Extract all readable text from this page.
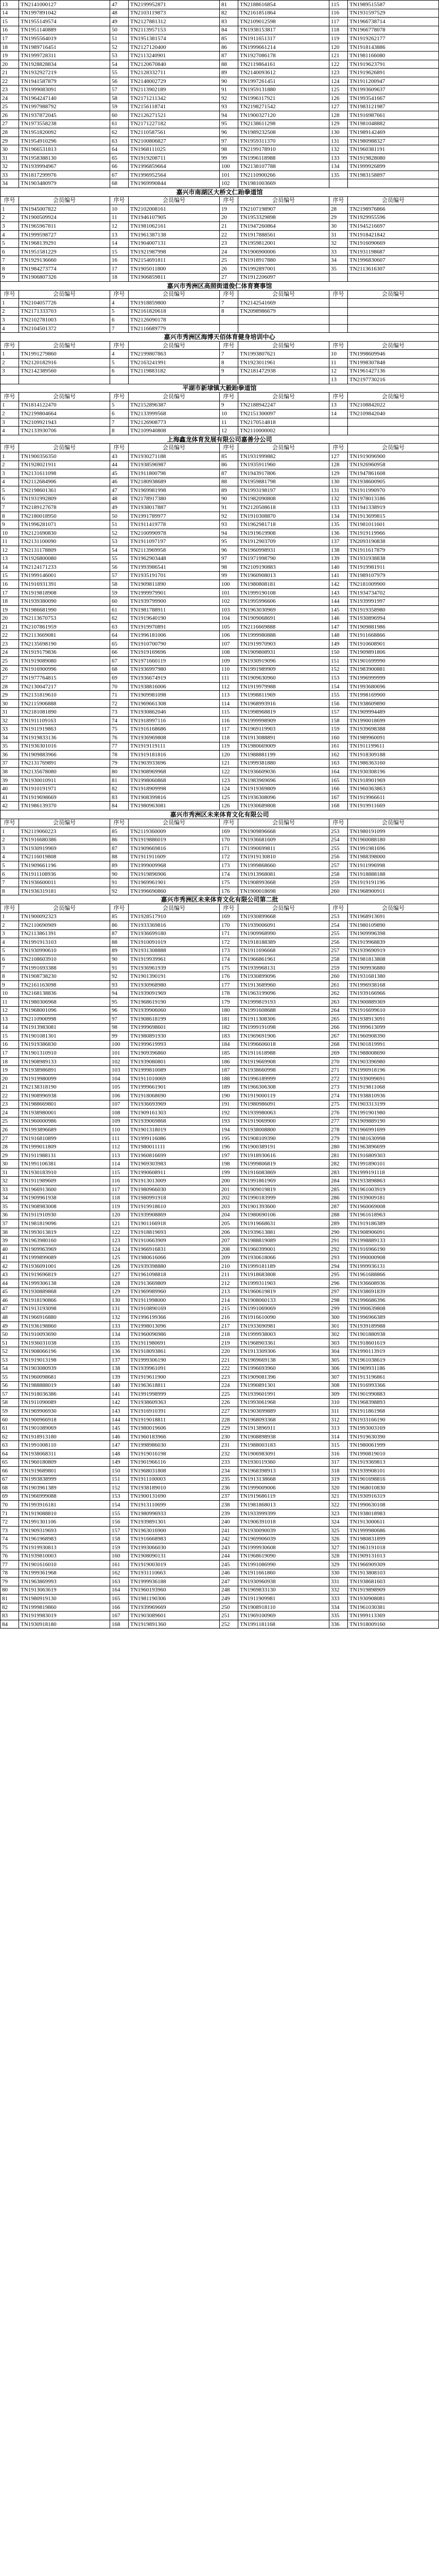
13	TN2141000127	47	TN2199952871	81	TN2188616854	115	TN1989515587
14	TN1997891042	48	TN2103119873	82	TN2161851864	116	TN1931597529
15	TN1955149574	49	TN2127881312	83	TN2109012598	117	TN1966738714
16	TN1951140889	50	TN2113957153	84	TN1938153817	118	TN1966778078
17	TN1995564019	51	TN1951381574	85	TN1911651317	119	TN1919262177
18	TN1989716451	52	TN2127120400	86	TN1999661214	120	TN1918143886
19	TN1999728311	53	TN2113240901	87	TN1927086178	121	TN1981166080
20	TN1928828834	54	TN2120670840	88	TN2119864161	122	TN1919623791
21	TN1932927219	55	TN2128332711	89	TN2140093612	123	TN1919626891
22	TN1941587879	56	TN2148002729	90	TN1997261451	124	TN1911200947
23	TN1999083091	57	TN2113902189	91	TN1959131880	125	TN1993609637
24	TN1964247140	58	TN2171211342	92	TN1996117921	126	TN1993541667
25	TN1997988792	59	TN2156118741	93	TN2198271542	127	TN1983121987
26	TN1937872045	60	TN2126271521	94	TN1900327120	128	TN1916987661
27	TN1973558238	61	TN2171227182	95	TN2138611298	129	TN1981048882
28	TN1951820092	62	TN2110587561	96	TN1989232508	130	TN1989142469
29	TN1954910296	63	TN2100806827	97	TN1959311370	131	TN1980988327
30	TN1966531813	64	TN1968111025	98	TN2199178910	132	TN1960381191
31	TN1958388130	65	TN1919208711	99	TN1996118988	133	TN1919828080
32	TN1939994967	66	TN1996859664	100	TN2138107788	134	TN1999926899
33	TN1817299976	67	TN1996952564	101	TN2110900266	135	TN1983158897
34	TN1903480979	68	TN1969990844	102	TN1981003669		
嘉兴市南湖区大桥文仁跆拳道馆							
序号	会员编号	序号	会员编号	序号	会员编号	序号	会员编号
1	TN1945007822	10	TN2102008161	19	TN2107198907	28	TN2198976866
2	TN1900509924	11	TN1946107905	20	TN1953329898	29	TN1929955596
3	TN1965967811	12	TN1981062161	21	TN1947260864	30	TN1945216697
4	TN1999598727	13	TN1961387138	22	TN1917888561	31	TN1918421842
5	TN1968139291	14	TN1904007131	23	TN1959812001	32	TN1916090669
6	TN1951581229	15	TN1921987998	24	TN1906900006	33	TN1931198687
7	TN1929136660	16	TN2154691811	25	TN1918917880	34	TN1996830607
8	TN1984273774	17	TN1905011800	26	TN1992897001	35	TN2113616307
9	TN1906807326	18	TN1906859811	27	TN1912206097		
嘉兴市秀洲区高照街道俊仁体育赛事馆							
序号	会员编号	序号	会员编号	序号	会员编号	序号	会员编号
1	TN2104057726	4	TN1918859800	7	TN2142541669		
2	TN2171333703	5	TN2161820618	8	TN2098986679		
3	TN2102781003	6	TN2126090178				
4	TN2104501372	7	TN2116689779				
嘉兴市秀洲区海博天佰体育健身培训中心							
序号	会员编号	序号	会员编号	序号	会员编号	序号	会员编号
1	TN1991279860	4	TN2199807863	7	TN1993807621	10	TN1998609946
2	TN2120182916	5	TN2163241991	8	TN1923011961	11	TN1998307848
3	TN2142389560	6	TN2119883182	9	TN2181472938	12	TN1961427136
						13	TN2197730216
平湖市新埭镇大毅跆拳道馆							
序号	会员编号	序号	会员编号	序号	会员编号	序号	会员编号
1	TN1814122470	5	TN2152896387	9	TN2188942247	13	TN2108842022
2	TN2199804664	6	TN2133999568	10	TN2151300097	14	TN2109842040
3	TN2109921943	7	TN2126908773	11	TN2170514818		
4	TN2133930706	8	TN2109940808	12	TN2110000002		
上海鑫龙体育发展有限公司嘉善分公司							
序号	会员编号	序号	会员编号	序号	会员编号	序号	会员编号
1	TN1900356350	43	TN1930271188	85	TN1931999882	127	TN1919096900
2	TN1928021911	44	TN1938596987	86	TN1935911960	128	TN1926960958
3	TN2131611098	45	TN1911800798	87	TN1943917806	129	TN1947861608
4	TN2112684906	46	TN2180938689	88	TN1959881798	130	TN1938600905
5	TN2198601361	47	TN1969981998	89	TN1993198197	131	TN1911990970
6	TN1931992809	48	TN2178917380	90	TN1982090808	132	TN1978013186
7	TN2189127678	49	TN1938017887	91	TN2120508618	133	TN1941338919
8	TN2180018950	50	TN1991789977	92	TN1910308870	134	TN1913699815
9	TN1996281071	51	TN1911419778	93	TN1962981718	135	TN1981011601
10	TN2121690830	52	TN2100990978	94	TN1919619908	136	TN1919119966
11	TN2131100090	53	TN1911097197	95	TN1912903709	137	TN2093190838
12	TN2131178809	54	TN2113969958	96	TN1960998931	138	TN1911617879
13	TN1926800080	55	TN1962903448	97	TN1971998790	139	TN1931938838
14	TN2124171233	56	TN1993986541	98	TN2109190883	140	TN1919981911
15	TN1999146001	57	TN1935191701	99	TN1960908013	141	TN1989107979
16	TN1916931391	58	TN1909811890	100	TN1980808181	142	TN2181009900
17	TN1919818908	59	TN1999979901	101	TN1999190108	143	TN1934734702
18	TN1939380090	60	TN1939799900	102	TN1995996606	144	TN1939991997
19	TN1986681990	61	TN1981788911	103	TN1963030969	145	TN1919358980
20	TN2113670753	62	TN1919640190	104	TN1909068691	146	TN1930896994
21	TN2107861959	63	TN1919970891	105	TN2116669888	147	TN1909881986
22	TN2113669081	64	TN1996181006	106	TN1999980888	148	TN1911668866
23	TN2135698190	65	TN1910700790	107	TN1919970903	149	TN1910608901
24	TN1919179836	66	TN1919169696	108	TN1909808931	150	TN1909891806
25	TN1919089080	67	TN1971660119	109	TN1930919096	151	TN1901699990
26	TN1916900996	68	TN1936997980	110	TN1991989909	152	TN1983900881
27	TN1977764815	69	TN1936674919	111	TN1909630960	153	TN1996999999
28	TN2130047217	70	TN1938816006	112	TN1919979988	154	TN1993680696
29	TN2131819610	71	TN1909981098	113	TN1998811969	155	TN1998169900
30	TN2115906888	72	TN1969661308	114	TN1968993916	156	TN1938609890
31	TN2181081890	73	TN1930862046	115	TN1998968819	157	TN1909994489
32	TN1911109163	74	TN1918997116	116	TN1999998909	158	TN1990018699
33	TN1911919863	75	TN1916168686	117	TN1969119903	159	TN1939698388
34	TN1919833136	76	TN1936969808	118	TN1913088891	160	TN1989960091
35	TN1936301016	77	TN1919119111	119	TN1980669009	161	TN1911199611
36	TN1909883966	78	TN1919181816	120	TN1988881199	162	TN1918309188
37	TN2131769891	79	TN1903933696	121	TN1999381880	163	TN1986363160
38	TN2135678080	80	TN1908969968	122	TN1936609036	164	TN1930308196
39	TN1930010911	81	TN1998060868	123	TN1983969696	165	TN1918901969
40	TN1910191971	82	TN1918909998	124	TN1919369809	166	TN1960363863
41	TN1919698669	83	TN1908399816	125	TN1936308096	167	TN1919966611
42	TN1986139370	84	TN1980963081	126	TN1930689808	168	TN1919911669
嘉兴市秀洲区未来体育文化有限公司							
序号	会员编号	序号	会员编号	序号	会员编号	序号	会员编号
1	TN2119060223	85	TN2119360009	169	TN1909896668	253	TN1980191099
2	TN1916680386	86	TN1919886019	170	TN1936681609	254	TN1960088180
3	TN1930919969	87	TN1909669816	171	TN1990699811	255	TN1991981696
4	TN2116019808	88	TN1911911609	172	TN1919130810	256	TN1988398000
5	TN1909661196	89	TN1999009968	173	TN1999868660	257	TN1911996998
6	TN1911108936	90	TN1919896906	174	TN1913968081	258	TN1918888188
7	TN1936600011	91	TN1969961901	175	TN1908993668	259	TN1919191196
8	TN1936319181	92	TN1996690860	176	TN1900018698	260	TN1968900911
嘉兴市秀洲区未来体育文化有限公司第二批							
序号	会员编号	序号	会员编号	序号	会员编号	序号	会员编号
1	TN1900092323	85	TN1928517910	169	TN1930899668	253	TN1968913691
2	TN2110690909	86	TN1933369816	170	TN1939006091	254	TN1980109890
3	TN2113861391	87	TN1936699180	171	TN1909968990	255	TN1909996398
4	TN1991913103	88	TN1910091019	172	TN1918188389	256	TN1919968839
5	TN1930990610	89	TN1931308888	173	TN1911696668	257	TN1939690919
6	TN2108603910	90	TN1919939961	174	TN1966861961	258	TN1981813808
7	TN1991693388	91	TN1936961939	175	TN1939968131	259	TN1909936880
8	TN1908738230	92	TN1901390191	176	TN1930899096	260	TN1931681380
9	TN2161163098	93	TN1930968980	177	TN1913689960	261	TN1996938168
10	TN2168138836	94	TN1939091969	178	TN1963199096	262	TN1939166966
11	TN1980306968	95	TN1968619190	179	TN1999819193	263	TN1900889369
12	TN1968001096	96	TN1939906060	180	TN1991608688	264	TN1916699610
13	TN2110900998	97	TN1908618199	181	TN1911308306	265	TN1938913091
14	TN1913983081	98	TN1999698601	182	TN1999191098	266	TN1999613099
15	TN1901081301	99	TN1980891930	183	TN1969691906	267	TN1960908390
16	TN1919386830	100	TN1999619993	184	TN1996606018	268	TN1901819991
17	TN1901310910	101	TN1909396860	185	TN1911618988	269	TN1988008690
18	TN1908989133	102	TN1939080801	186	TN1919669908	270	TN1903396980
19	TN1938986891	103	TN1999810089	187	TN1938660998	271	TN1990918196
20	TN1919980099	104	TN1911010069	188	TN1996189999	272	TN1939099691
21	TN2138318190	105	TN1999661901	189	TN1966306308	273	TN1919811068
22	TN1908996938	106	TN1918068690	190	TN1919000119	274	TN1938810936
23	TN1988669801	107	TN1936693969	191	TN1980986091	275	TN1903313199
24	TN1938980001	108	TN1909161303	192	TN1939980063	276	TN1991901980
25	TN1960000986	109	TN1939069868	193	TN1919069900	277	TN1909889190
26	TN1993896689	110	TN1901318019	194	TN1938008800	278	TN1966991699
27	TN1916810899	111	TN1999116086	195	TN1908109390	279	TN1981630998
28	TN1999011809	112	TN1980011111	196	TN1900389191	280	TN1963896699
29	TN1911988131	113	TN1960816699	197	TN1918930616	281	TN1916809303
30	TN1991106381	114	TN1969303983	198	TN1999806819	282	TN1991890101
31	TN1930183910	115	TN1990608911	199	TN1916083869	283	TN1999191118
32	TN1911989609	116	TN1913013009	200	TN1991861969	284	TN1933898863
33	TN1966913600	117	TN1980966030	201	TN1909019819	285	TN1961003919
34	TN1909961938	118	TN1980991918	202	TN1990183999	286	TN1939009181
35	TN1908983008	119	TN1919918610	203	TN1901393600	287	TN1960069008
36	TN1911910930	120	TN1939908869	204	TN1980690106	288	TN1961618963
37	TN1981819096	121	TN1901166918	205	TN1919668631	289	TN1919186389
38	TN1993013819	122	TN1918819693	206	TN1939613881	290	TN1908906091
39	TN1963980160	123	TN1910663909	207	TN1988819089	291	TN1998889133
40	TN1909963969	124	TN1966916831	208	TN1960399001	292	TN1916966190
41	TN1999899089	125	TN1980616066	209	TN1930618066	293	TN1990000908
42	TN1936091001	126	TN1939398880	210	TN1999181189	294	TN1999936131
43	TN1919696819	127	TN1961098818	211	TN1918683808	295	TN1961688866
44	TN1999306138	128	TN1913669809	212	TN1999311903	296	TN1936608936
45	TN1930889868	129	TN1969989960	213	TN1960619819	297	TN1938691839
46	TN1918190866	130	TN1911998000	214	TN1908060133	298	TN1996686396
47	TN1913193098	131	TN1910890169	215	TN1991069069	299	TN1990639808
48	TN1966916880	132	TN1996199366	216	TN1916610090	300	TN1996966389
49	TN1936198860	133	TN1998013096	217	TN1933690981	301	TN1939189988
50	TN1910093690	134	TN1960096986	218	TN1999938003	302	TN1901880938
51	TN1936031038	135	TN1911980691	219	TN1968903361	303	TN1918601619
52	TN1908066196	136	TN1918093861	220	TN1913309306	304	TN1990113919
53	TN1919013198	137	TN1999306190	221	TN1969669138	305	TN1961038619
54	TN1903080939	138	TN1939961091	222	TN1996693960	306	TN1969931186
55	TN1960098681	139	TN1919611900	223	TN1909081396	307	TN1913196861
56	TN1988888019	140	TN1963618811	224	TN1990891301	308	TN1916993366
57	TN1918036386	141	TN1991998999	225	TN1939601991	309	TN1901990883
58	TN1911090089	142	TN1938609363	226	TN1993061968	310	TN1968398893
59	TN1969906930	143	TN1916910391	227	TN1903699889	311	TN1911861968
60	TN1900966918	144	TN1919018811	228	TN1968093368	312	TN1933166190
61	TN1901089069	145	TN1980019606	229	TN1913896911	313	TN1993003169
62	TN1918913180	146	TN1960183966	230	TN1908898938	314	TN1919630390
63	TN1991008110	147	TN1998986030	231	TN1988003183	315	TN1980061999
64	TN1938068311	148	TN1919016198	232	TN1906983091	316	TN1990819010
65	TN1960180809	149	TN1901966116	233	TN1930119360	317	TN1919369813
66	TN1919689801	150	TN1968031808	234	TN1968398913	318	TN1939908101
67	TN1993838999	151	TN1911100003	235	TN1913138668	319	TN1901698816
68	TN1903961389	152	TN1938189010	236	TN1999009006	320	TN1968010830
69	TN1966999088	153	TN1900131690	237	TN1919686119	321	TN1930916319
70	TN1993916181	154	TN1913110699	238	TN1981868013	322	TN1990630108
71	TN1919088810	155	TN1980996933	239	TN1933999399	323	TN1938018983
72	TN1991301106	156	TN1939891301	240	TN1906391018	324	TN1913000611
73	TN1909319693	157	TN1963016900	241	TN1930090039	325	TN1999980686
74	TN1961968983	158	TN1916668983	242	TN1969906039	326	TN1980831899
75	TN1919930813	159	TN1993066030	243	TN1999930608	327	TN1963191018
76	TN1939810003	160	TN1908090131	244	TN1968619090	328	TN1909131013
77	TN1901616010	161	TN1919003019	245	TN1991086990	329	TN1966909309
78	TN1999361968	162	TN1931110663	246	TN1911661860	330	TN1913808103
79	TN1963869993	163	TN1999936188	247	TN1930960938	331	TN1938681603
80	TN1913063619	164	TN1960193960	248	TN1969833130	332	TN1919898909
81	TN1980919130	165	TN1981190306	249	TN1911909981	333	TN1930908081
82	TN1999819860	166	TN1939969669	250	TN1908918110	334	TN1961030381
83	TN1919983019	167	TN1903089601	251	TN1969100969	335	TN1999113369
84	TN1930918180	168	TN1919891360	252	TN1991181168	336	TN1918009160
